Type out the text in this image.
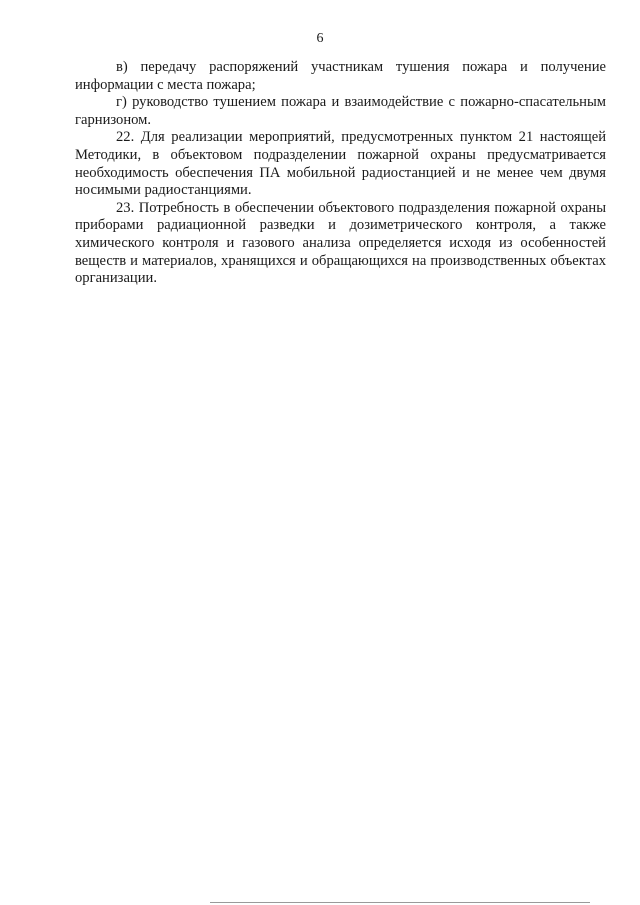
6

в) передачу распоряжений участникам тушения пожара и получение информации с места пожара;

г) руководство тушением пожара и взаимодействие с пожарно-спасательным гарнизоном.

22. Для реализации мероприятий, предусмотренных пунктом 21 настоящей Методики, в объектовом подразделении пожарной охраны предусматривается необходимость обеспечения ПА мобильной радиостанцией и не менее чем двумя носимыми радиостанциями.

23. Потребность в обеспечении объектового подразделения пожарной охраны приборами радиационной разведки и дозиметрического контроля, а также химического контроля и газового анализа определяется исходя из особенностей веществ и материалов, хранящихся и обращающихся на производственных объектах организации.
